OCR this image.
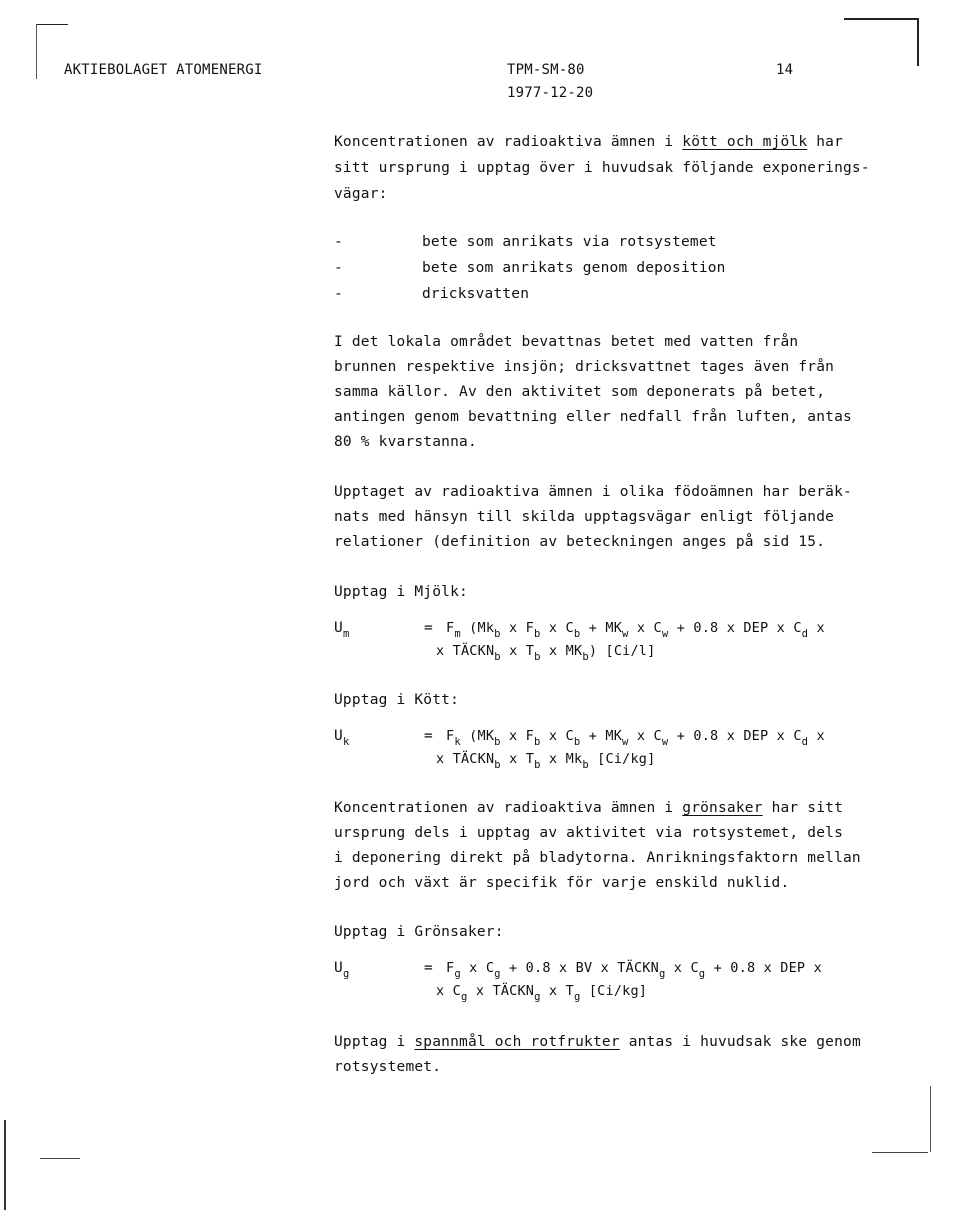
AKTIEBOLAGET ATOMENERGI	TPM-SM-80	14
1977-12-20
Koncentrationen av radioaktiva ämnen i kött och mjölk har
sitt ursprung i upptag över i huvudsak följande exponerings-
vägar:
-	bete som anrikats via rotsystemet
-	bete som anrikats genom deposition
-	dricksvatten
I det lokala området bevattnas betet med vatten från
brunnen respektive insjön; dricksvattnet tages även från
samma källor. Av den aktivitet som deponerats på betet,
antingen genom bevattning eller nedfall från luften, antas
80 % kvarstanna.
Upptaget av radioaktiva ämnen i olika födoämnen har beräk-
nats med hänsyn till skilda upptagsvägar enligt följande
relationer (definition av beteckningen anges på sid 15.
Upptag i Mjölk:
$U_m$	= $F_m$ ($Mk_b$ x $F_b$ x $C_b + MK_w$ x $C_w + 0.8$ x DEP x $C_d$ x
x $TÄCKN_b$ x $T_b$ x $MK_b$) [Ci/l]
Upptag i Kött:
$U_k$	= $F_k$ ($MK_b$ x $F_b$ x $C_b + MK_w$ x $C_w + 0.8$ x DEP x $C_d$ x
x $TÄCKN_b$ x $T_b$ x $Mk_b$ [Ci/kg]
Koncentrationen av radioaktiva ämnen i grönsaker har sitt
ursprung dels i upptag av aktivitet via rotsystemet, dels
i deponering direkt på bladytorna. Anrikningsfaktorn mellan
jord och växt är specifik för varje enskild nuklid.
Upptag i Grönsaker:
$U_g$	= $F_g$ x $C_g + 0.8$ x BV x $TÄCKN_g$ x $C_g + 0.8$ x DEP x
x $C_g$ x $TÄCKN_g$ x $T_g$ [Ci/kg]
Upptag i spannmål och rotfrukter antas i huvudsak ske genom
rotsystemet.
